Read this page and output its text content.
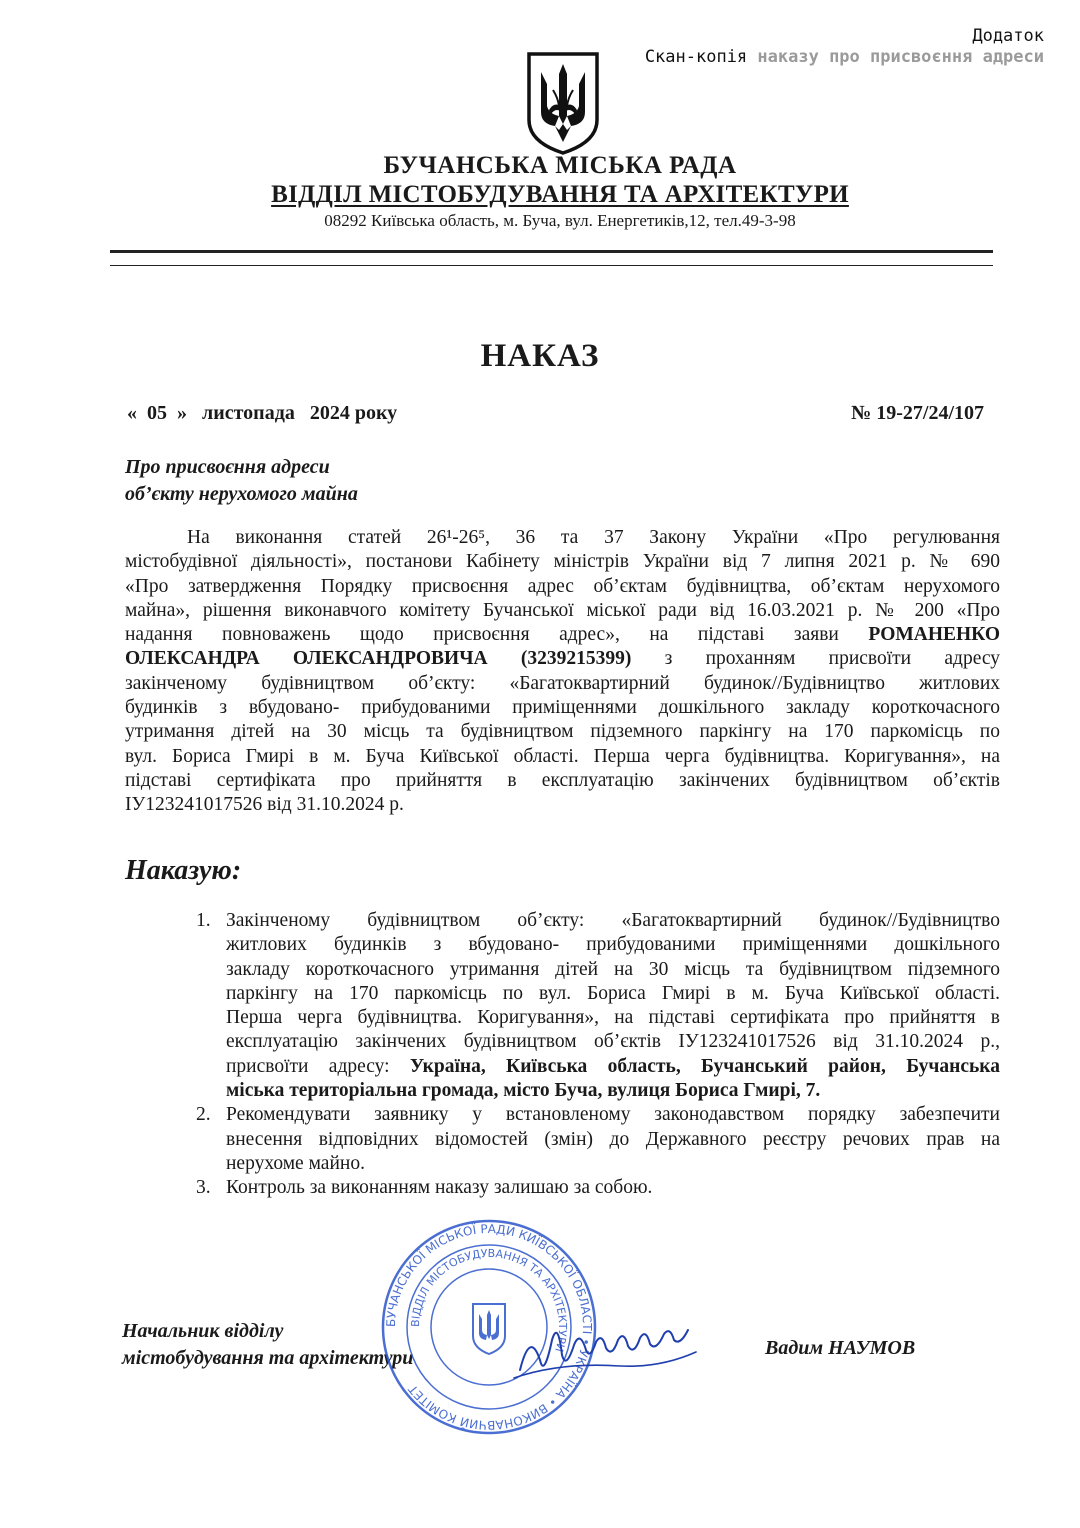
Додаток
Скан-копія наказу про присвоєння адреси
БУЧАНСЬКА МІСЬКА РАДА
ВІДДІЛ МІСТОБУДУВАННЯ ТА АРХІТЕКТУРИ
08292 Київська область, м. Буча, вул. Енергетиків,12, тел.49-3-98
НАКАЗ
«  05  »   листопада   2024 року	№ 19-27/24/107
Про присвоєння адреси
об’єкту нерухомого майна
На виконання статей 26¹-26⁵, 36 та 37 Закону України «Про регулювання
містобудівної діяльності», постанови Кабінету міністрів України від 7 липня 2021 р. № 690
«Про затвердження Порядку присвоєння адрес об’єктам будівництва, об’єктам нерухомого
майна», рішення виконавчого комітету Бучанської міської ради від 16.03.2021 р. № 200 «Про
надання повноважень щодо присвоєння адрес», на підставі заяви РОМАНЕНКО
ОЛЕКСАНДРА ОЛЕКСАНДРОВИЧА (3239215399) з проханням присвоїти адресу
закінченому будівництвом об’єкту: «Багатоквартирний будинок//Будівництво житлових
будинків з вбудовано- прибудованими приміщеннями дошкільного закладу короткочасного
утримання дітей на 30 місць та будівництвом підземного паркінгу на 170 паркомісць по
вул. Бориса Гмирі в м. Буча Київської області. Перша черга будівництва. Коригування», на
підставі сертифіката про прийняття в експлуатацію закінчених будівництвом об’єктів
ІУ123241017526 від 31.10.2024 р.
Наказую:
1. Закінченому будівництвом об’єкту: «Багатоквартирний будинок//Будівництво
житлових будинків з вбудовано- прибудованими приміщеннями дошкільного
закладу короткочасного утримання дітей на 30 місць та будівництвом підземного
паркінгу на 170 паркомісць по вул. Бориса Гмирі в м. Буча Київської області.
Перша черга будівництва. Коригування», на підставі сертифіката про прийняття в
експлуатацію закінчених будівництвом об’єктів ІУ123241017526 від 31.10.2024 р.,
присвоїти адресу: Україна, Київська область, Бучанський район, Бучанська
міська територіальна громада, місто Буча, вулиця Бориса Гмирі, 7.
2. Рекомендувати заявнику у встановленому законодавством порядку забезпечити
внесення відповідних відомостей (змін) до Державного реєстру речових прав на
нерухоме майно.
3. Контроль за виконанням наказу залишаю за собою.
Начальник відділу
містобудування та архітектури	Вадим НАУМОВ
БУЧАНСЬКОЇ МІСЬКОЇ РАДИ КИЇВСЬКОЇ ОБЛАСТІ • УКРАЇНА • ВИКОНАВЧИЙ КОМІТЕТ
ВІДДІЛ МІСТОБУДУВАННЯ ТА АРХІТЕКТУРИ
